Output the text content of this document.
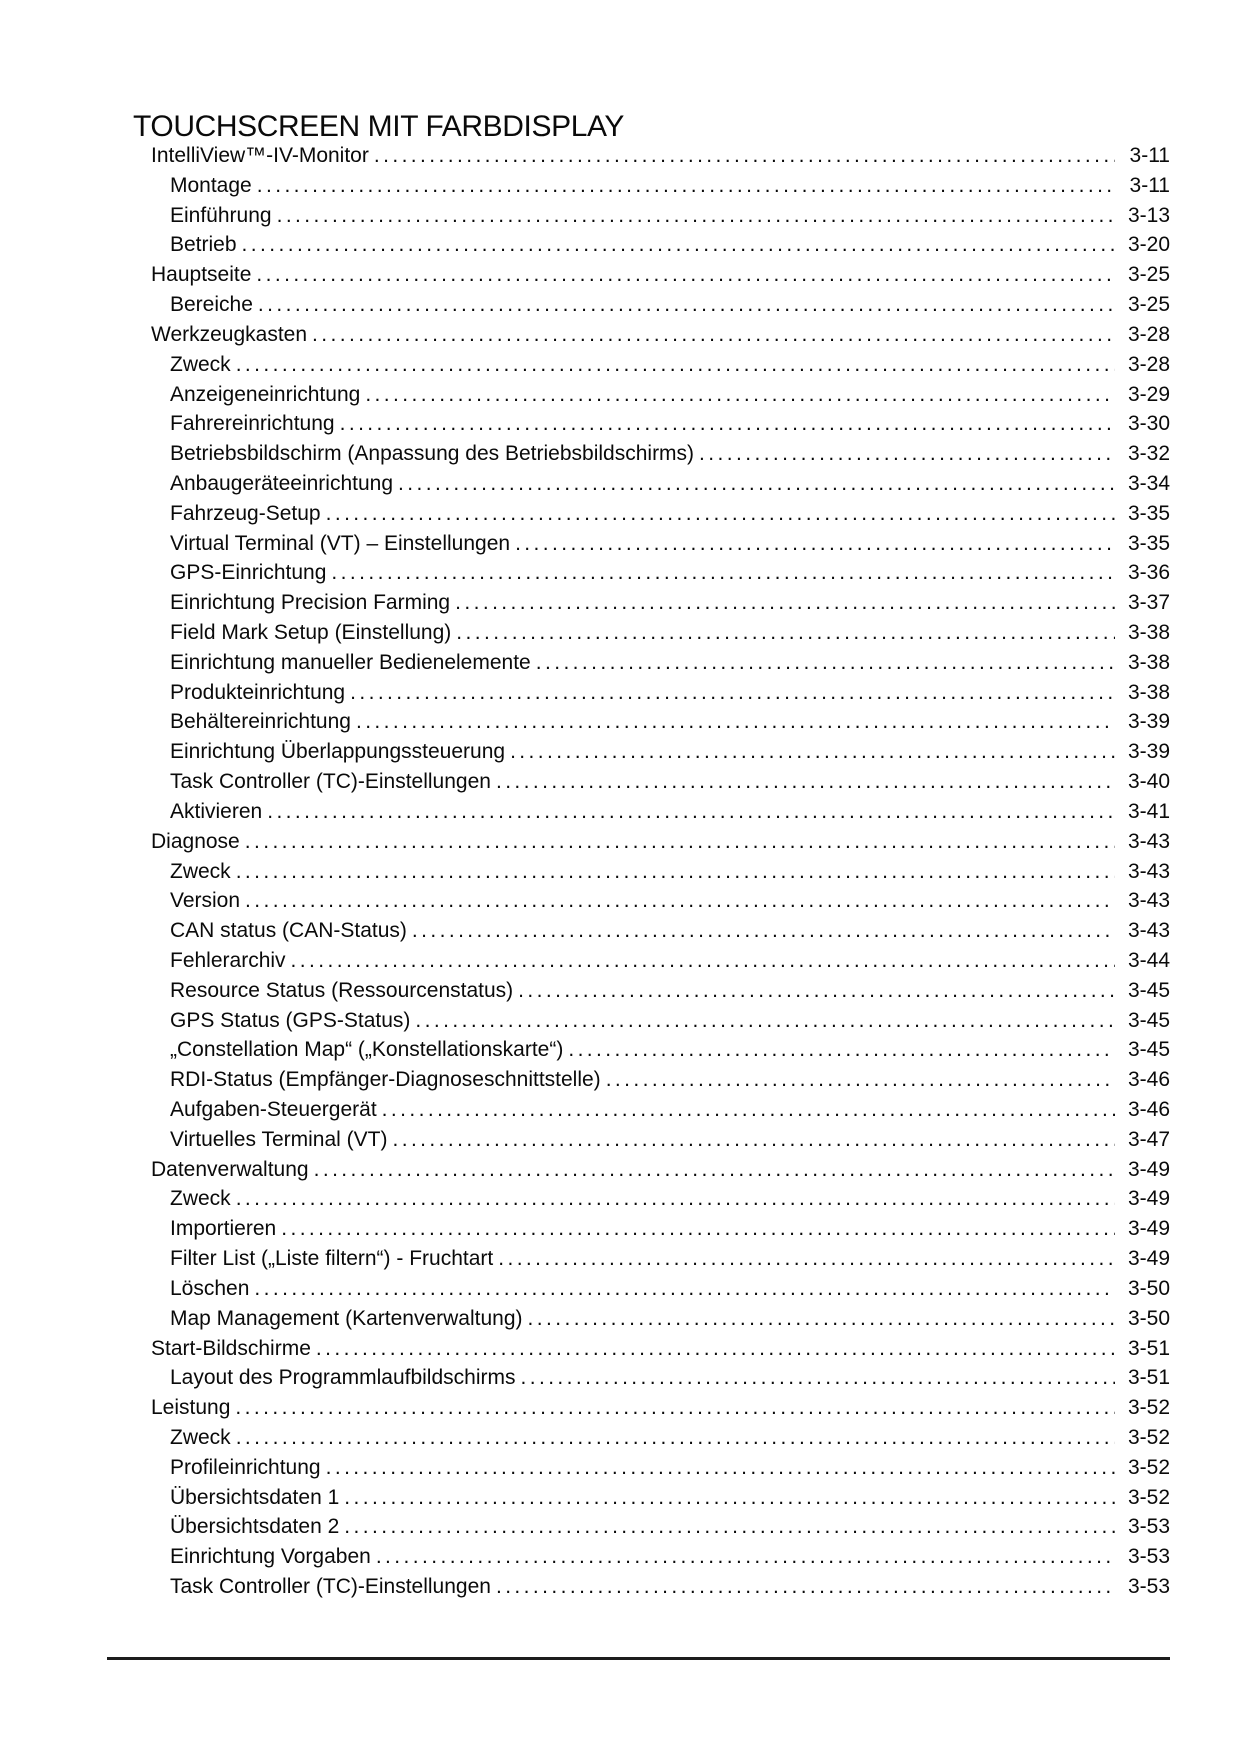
TOUCHSCREEN MIT FARBDISPLAY
IntelliView™-IV-Monitor .....	3-11
Montage .....	3-11
Einführung .....	3-13
Betrieb .....	3-20
Hauptseite .....	3-25
Bereiche .....	3-25
Werkzeugkasten .....	3-28
Zweck .....	3-28
Anzeigeneinrichtung .....	3-29
Fahrereinrichtung .....	3-30
Betriebsbildschirm (Anpassung des Betriebsbildschirms) .....	3-32
Anbaugeräteeinrichtung .....	3-34
Fahrzeug-Setup .....	3-35
Virtual Terminal (VT) – Einstellungen .....	3-35
GPS-Einrichtung .....	3-36
Einrichtung Precision Farming .....	3-37
Field Mark Setup (Einstellung) .....	3-38
Einrichtung manueller Bedienelemente .....	3-38
Produkteinrichtung .....	3-38
Behältereinrichtung .....	3-39
Einrichtung Überlappungssteuerung .....	3-39
Task Controller (TC)-Einstellungen .....	3-40
Aktivieren .....	3-41
Diagnose .....	3-43
Zweck .....	3-43
Version .....	3-43
CAN status (CAN-Status) .....	3-43
Fehlerarchiv .....	3-44
Resource Status (Ressourcenstatus) .....	3-45
GPS Status (GPS-Status) .....	3-45
„Constellation Map“ („Konstellationskarte“) .....	3-45
RDI-Status (Empfänger-Diagnoseschnittstelle) .....	3-46
Aufgaben-Steuergerät .....	3-46
Virtuelles Terminal (VT) .....	3-47
Datenverwaltung .....	3-49
Zweck .....	3-49
Importieren .....	3-49
Filter List („Liste filtern“) - Fruchtart .....	3-49
Löschen .....	3-50
Map Management (Kartenverwaltung) .....	3-50
Start-Bildschirme .....	3-51
Layout des Programmlaufbildschirms .....	3-51
Leistung .....	3-52
Zweck .....	3-52
Profileinrichtung .....	3-52
Übersichtsdaten 1 .....	3-52
Übersichtsdaten 2 .....	3-53
Einrichtung Vorgaben .....	3-53
Task Controller (TC)-Einstellungen .....	3-53
